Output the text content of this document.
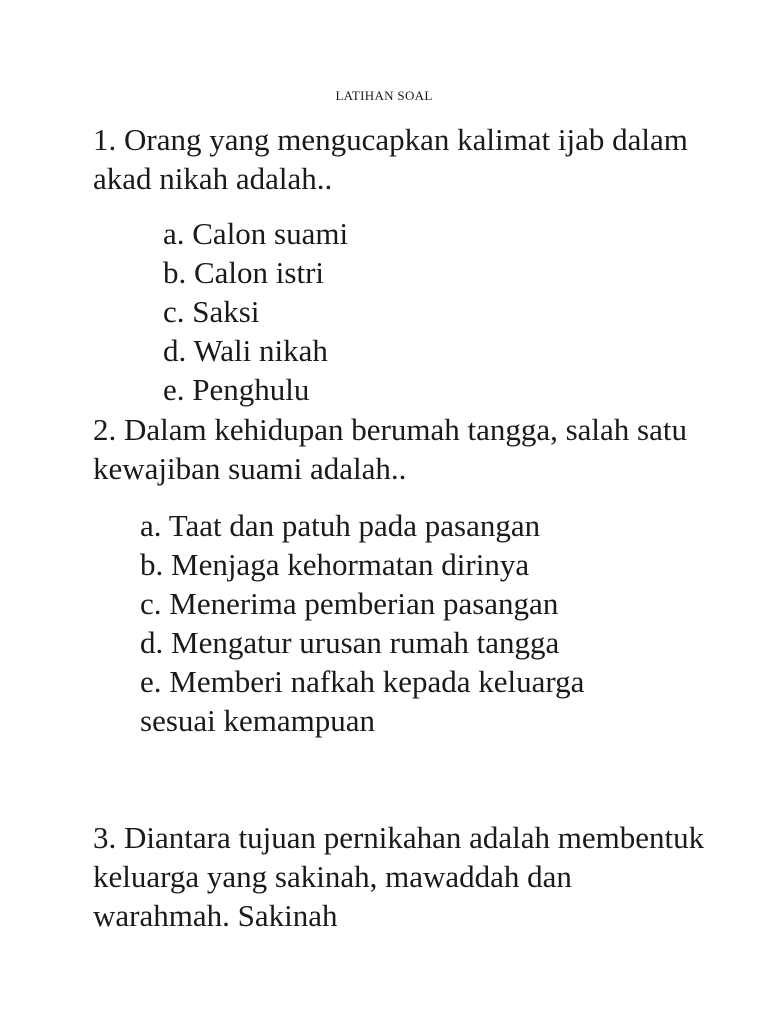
LATIHAN SOAL

1. Orang yang mengucapkan kalimat ijab dalam akad nikah adalah..

a. Calon suami
b. Calon istri
c. Saksi
d. Wali nikah
e. Penghulu

2. Dalam kehidupan berumah tangga, salah satu kewajiban suami adalah..

a. Taat dan patuh pada pasangan
b. Menjaga kehormatan dirinya
c. Menerima pemberian pasangan
d. Mengatur urusan rumah tangga
e. Memberi nafkah kepada keluarga sesuai kemampuan

3. Diantara tujuan pernikahan adalah membentuk keluarga yang sakinah, mawaddah dan warahmah. Sakinah
